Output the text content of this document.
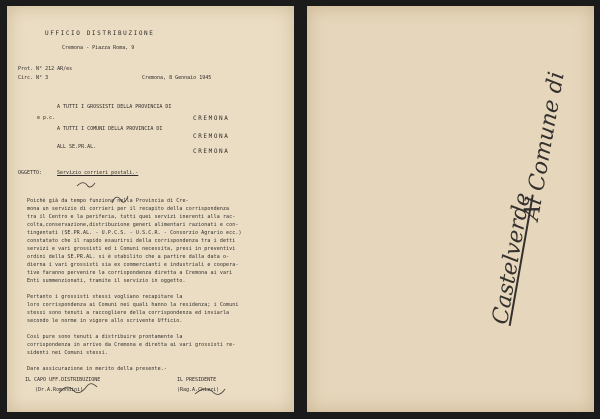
UFFICIO DISTRIBUZIONE
Cremona - Piazza Roma, 9
Prot. N° 212 AR/es
Circ. N° 3	Cremona, 8 Gennaio 1945
A TUTTI I GROSSISTI DELLA PROVINCIA DI
CREMONA
e p.c.
A TUTTI I COMUNI DELLA PROVINCIA DI
CREMONA
ALL SE.PR.AL.
CREMONA
OGGETTO:	Servizio corrieri postali.-
Poichè già da tempo funziona nella Provincia di Cre-
mona un servizio di corrieri per il recapito della corrispondenza
tra il Centro e la periferia, tutti quei servizi inerenti alla rac-
colta,conservazione,distribuzione generi alimentari razionati e con-
tingentati (SE.PR.AL. - U.P.C.S. - U.S.C.R. - Consorzio Agrario ecc.)
constatato che il rapido esaurirsi della corrispondenza tra i detti
servizi e vari grossisti ed i Comuni necessita, presi in preventivi
ordini della SE.PR.AL. si è stabilito che a partire dalla data o-
dierna i vari grossisti sia ex commercianti e industriali e coopera-
tive faranno pervenire la corrispondenza diretta a Cremona ai vari
Enti summenzionati, tramite il servizio in oggetto.
Pertanto i grossisti stessi vogliano recapitare la
loro corrispondenza ai Comuni nei quali hanno la residenza; i Comuni
stessi sono tenuti a raccogliere della corrispondenza ed inviarla
secondo le norme in vigore allo scrivente Ufficio.
Così pure sono tenuti a distribuire prontamente la
corrispondenza in arrivo da Cremona e diretta ai vari grossisti re-
sidenti nei Comuni stessi.
Dare assicurazione in merito della presente.-
IL CAPO UFF.DISTRIBUZIONE
(Dr.A.Romondini)
IL PRESIDENTE
(Rag.A.Chizzi)
Al Comune di
Castelverde
